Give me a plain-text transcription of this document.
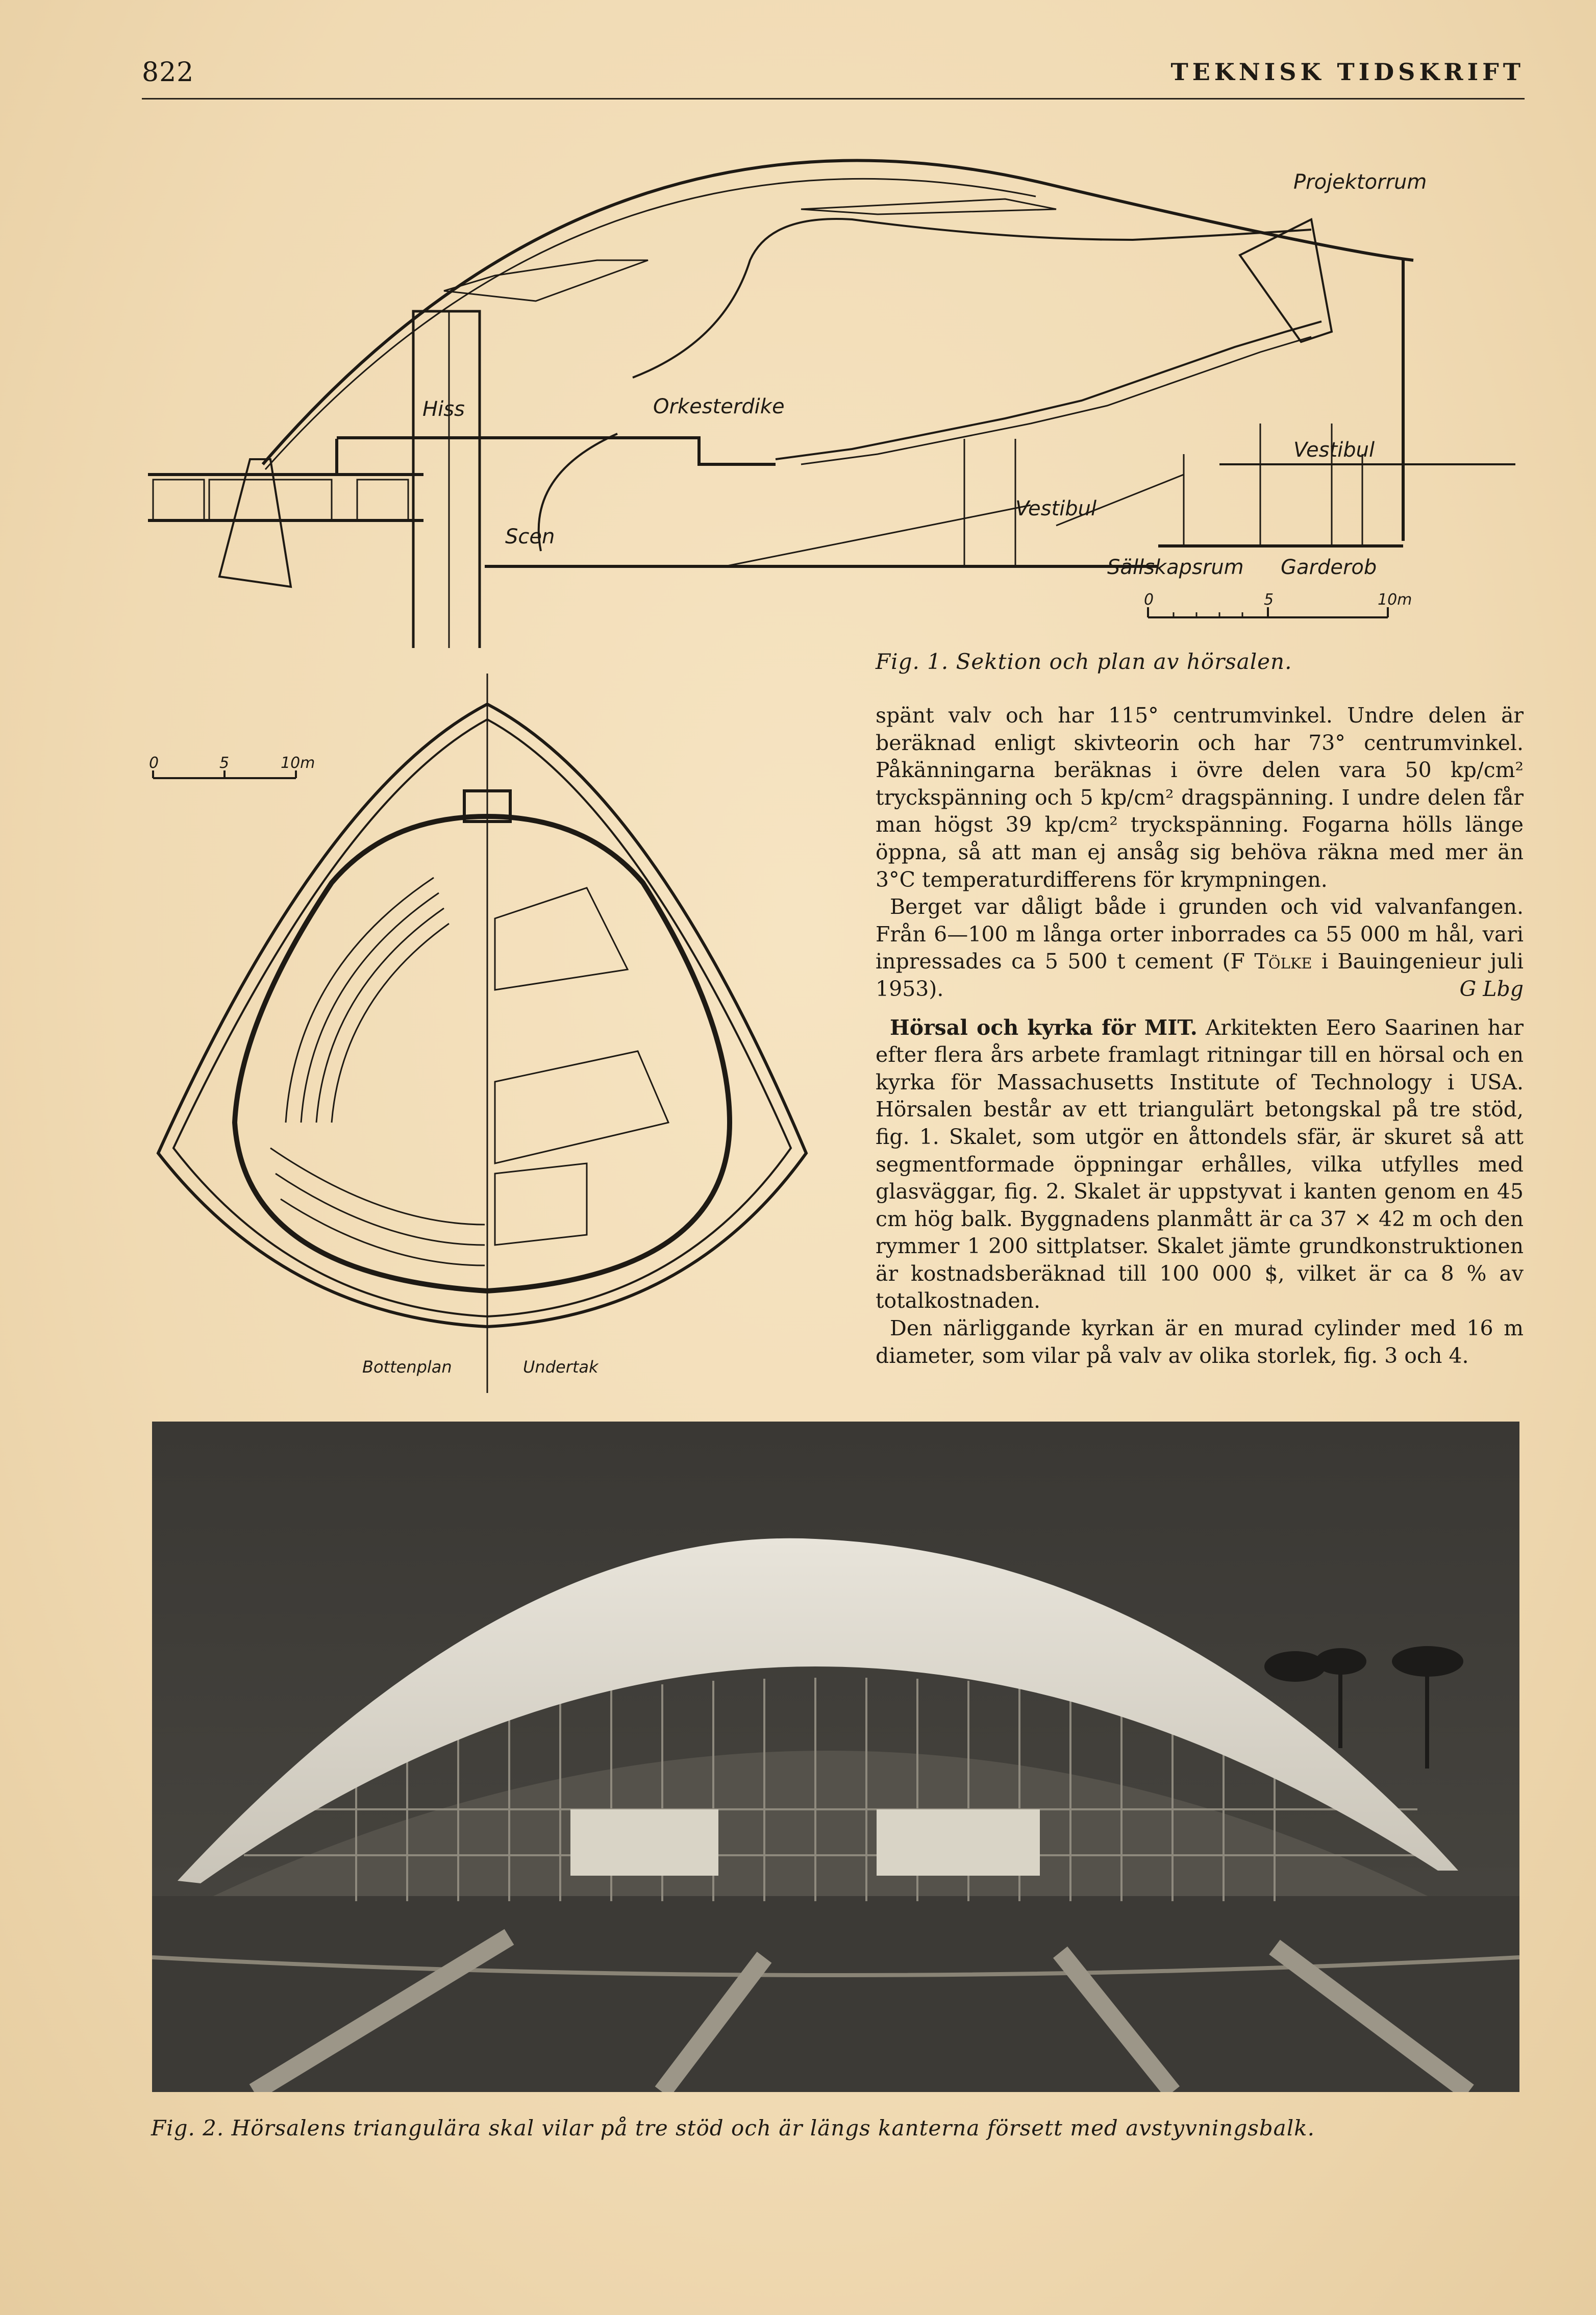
822	TEKNISK TIDSKRIFT
Projektorrum
Hiss	Orkesterdike
Vestibul
Vestibul
Scen
Sällskapsrum Garderob
0	5	10m
Fig. 1. Sektion och plan av hörsalen.
0	5	10m
Bottenplan	Undertak

spänt valv och har 115° centrumvinkel. Undre delen är beräknad enligt skivteorin och har 73° centrumvinkel. Påkänningarna beräknas i övre delen vara 50 kp/cm² tryckspänning och 5 kp/cm² dragspänning. I undre delen får man högst 39 kp/cm² tryckspänning. Fogarna hölls länge öppna, så att man ej ansåg sig behöva räkna med mer än 3°C temperaturdifferens för krympningen.

Berget var dåligt både i grunden och vid valvanfangen. Från 6—100 m långa orter inborrades ca 55 000 m hål, vari inpressades ca 5 500 t cement (F Tölke i Bauingenieur juli 1953).	G Lbg

Hörsal och kyrka för MIT. Arkitekten Eero Saarinen har efter flera års arbete framlagt ritningar till en hörsal och en kyrka för Massachusetts Institute of Technology i USA. Hörsalen består av ett triangulärt betongskal på tre stöd, fig. 1. Skalet, som utgör en åttondels sfär, är skuret så att segmentformade öppningar erhålles, vilka utfylles med glasväggar, fig. 2. Skalet är uppstyvat i kanten genom en 45 cm hög balk. Byggnadens planmått är ca 37 × 42 m och den rymmer 1 200 sittplatser. Skalet jämte grundkonstruktionen är kostnadsberäknad till 100 000 $, vilket är ca 8 % av totalkostnaden.

Den närliggande kyrkan är en murad cylinder med 16 m diameter, som vilar på valv av olika storlek, fig. 3 och 4.

Fig. 2. Hörsalens triangulära skal vilar på tre stöd och är längs kanterna försett med avstyvningsbalk.
